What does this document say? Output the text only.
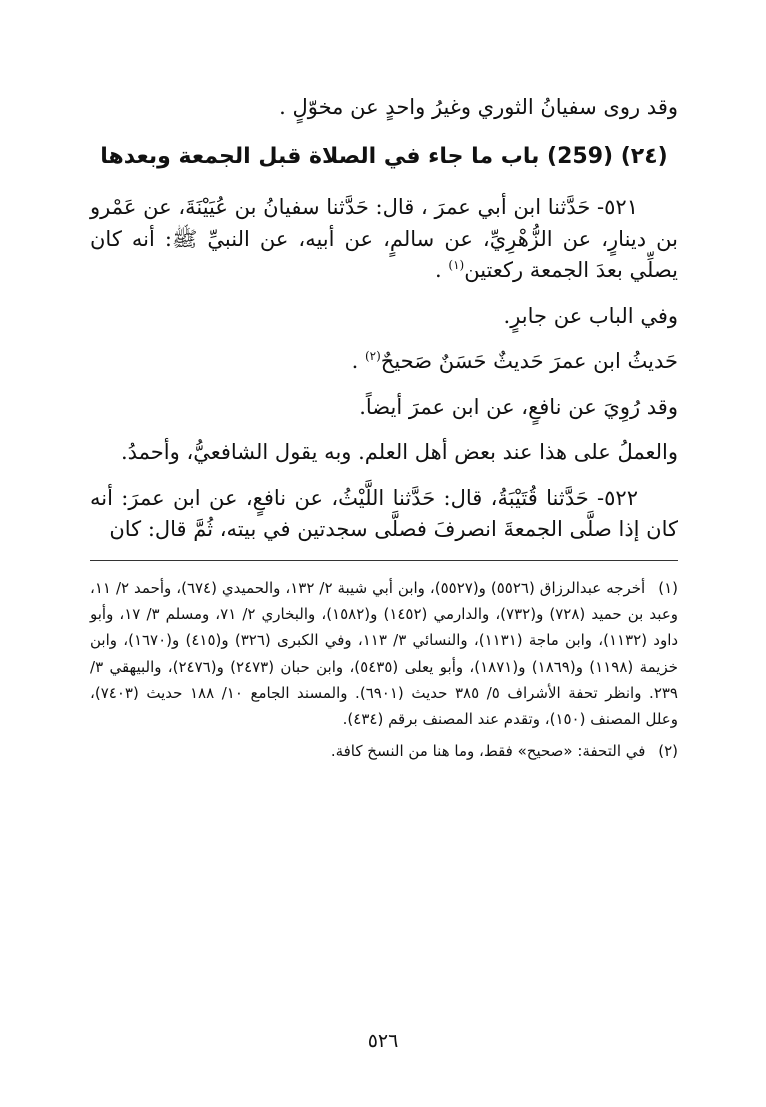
وقد روى سفيانُ الثوري وغيرُ واحدٍ عن مخوّلٍ .

(٢٤) (259) باب ما جاء في الصلاة قبل الجمعة وبعدها

٥٢١- حَدَّثنا ابن أبي عمرَ ، قال: حَدَّثنا سفيانُ بن عُيَيْنَةَ، عن عَمْرو بن دينارٍ، عن الزُّهْرِيِّ، عن سالمٍ، عن أبيه، عن النبيِّ ﷺ: أنه كان يصلِّي بعدَ الجمعة ركعتين$^{(١)}$ .

وفي الباب عن جابرٍ.

حَديثُ ابن عمرَ حَديثٌ حَسَنٌ صَحيحٌ$^{(٢)}$ .

وقد رُوِيَ عن نافعٍ، عن ابن عمرَ أيضاً.

والعملُ على هذا عند بعض أهل العلم. وبه يقول الشافعيُّ، وأحمدُ.

٥٢٢- حَدَّثنا قُتَيْبَةُ، قال: حَدَّثنا اللَّيْثُ، عن نافعٍ، عن ابن عمرَ: أنه كان إذا صلَّى الجمعةَ انصرفَ فصلَّى سجدتين في بيته، ثُمَّ قال: كان

(١) أخرجه عبدالرزاق (٥٥٢٦) و(٥٥٢٧)، وابن أبي شيبة ٢/ ١٣٢، والحميدي (٦٧٤)، وأحمد ٢/ ١١، وعبد بن حميد (٧٢٨) و(٧٣٢)، والدارمي (١٤٥٢) و(١٥٨٢)، والبخاري ٢/ ٧١، ومسلم ٣/ ١٧، وأبو داود (١١٣٢)، وابن ماجة (١١٣١)، والنسائي ٣/ ١١٣، وفي الكبرى (٣٢٦) و(٤١٥) و(١٦٧٠)، وابن خزيمة (١١٩٨) و(١٨٦٩) و(١٨٧١)، وأبو يعلى (٥٤٣٥)، وابن حبان (٢٤٧٣) و(٢٤٧٦)، والبيهقي ٣/ ٢٣٩. وانظر تحفة الأشراف ٥/ ٣٨٥ حديث (٦٩٠١). والمسند الجامع ١٠/ ١٨٨ حديث (٧٤٠٣)، وعلل المصنف (١٥٠)، وتقدم عند المصنف برقم (٤٣٤).

(٢) في التحفة: «صحيح» فقط، وما هنا من النسخ كافة.

٥٢٦
